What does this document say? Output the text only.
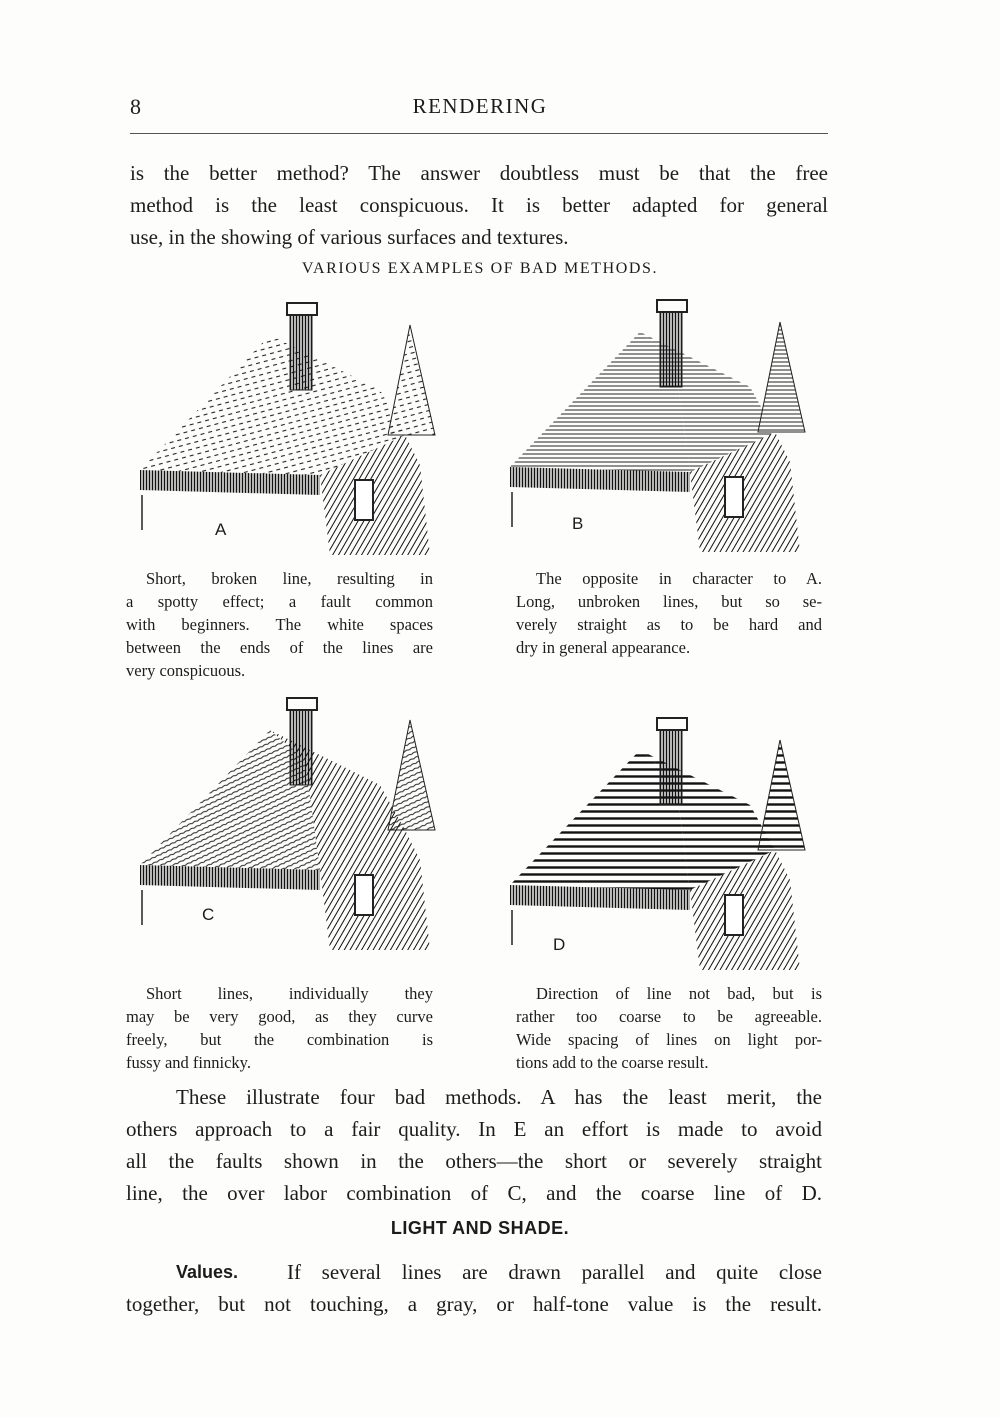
8	RENDERING
is the better method? The answer doubtless must be that the free
method is the least conspicuous. It is better adapted for general
use, in the showing of various surfaces and textures.
VARIOUS EXAMPLES OF BAD METHODS.
A	B
C
D
Short, broken line, resulting in
a spotty effect; a fault common
with beginners. The white spaces
between the ends of the lines are
very conspicuous.
The opposite in character to A.
Long, unbroken lines, but so se-
verely straight as to be hard and
dry in general appearance.
Short lines, individually they
may be very good, as they curve
freely, but the combination is
fussy and finnicky.
Direction of line not bad, but is
rather too coarse to be agreeable.
Wide spacing of lines on light por-
tions add to the coarse result.
These illustrate four bad methods. A has the least merit, the
others approach to a fair quality. In E an effort is made to avoid
all the faults shown in the others—the short or severely straight
line, the over labor combination of C, and the coarse line of D.
LIGHT AND SHADE.
Values. If several lines are drawn parallel and quite close
together, but not touching, a gray, or half-tone value is the result.
